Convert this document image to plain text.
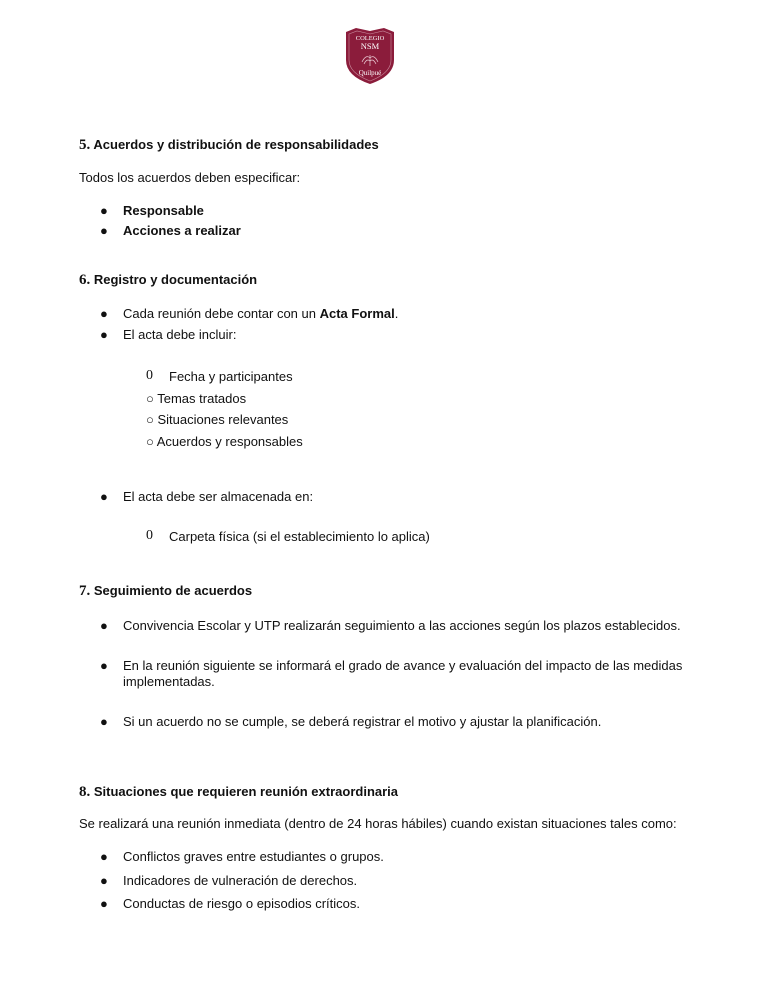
COLEGIO
NSM
Quilpué
5. Acuerdos y distribución de responsabilidades
Todos los acuerdos deben especificar:
● Responsable
● Acciones a realizar
6. Registro y documentación
● Cada reunión debe contar con un Acta Formal.
● El acta debe incluir:
0 Fecha y participantes
○ Temas tratados
○ Situaciones relevantes
○ Acuerdos y responsables
● El acta debe ser almacenada en:
0 Carpeta física (si el establecimiento lo aplica)
7. Seguimiento de acuerdos
● Convivencia Escolar y UTP realizarán seguimiento a las acciones según los plazos establecidos.
● En la reunión siguiente se informará el grado de avance y evaluación del impacto de las medidas implementadas.
● Si un acuerdo no se cumple, se deberá registrar el motivo y ajustar la planificación.
8. Situaciones que requieren reunión extraordinaria
Se realizará una reunión inmediata (dentro de 24 horas hábiles) cuando existan situaciones tales como:
● Conflictos graves entre estudiantes o grupos.
● Indicadores de vulneración de derechos.
● Conductas de riesgo o episodios críticos.
